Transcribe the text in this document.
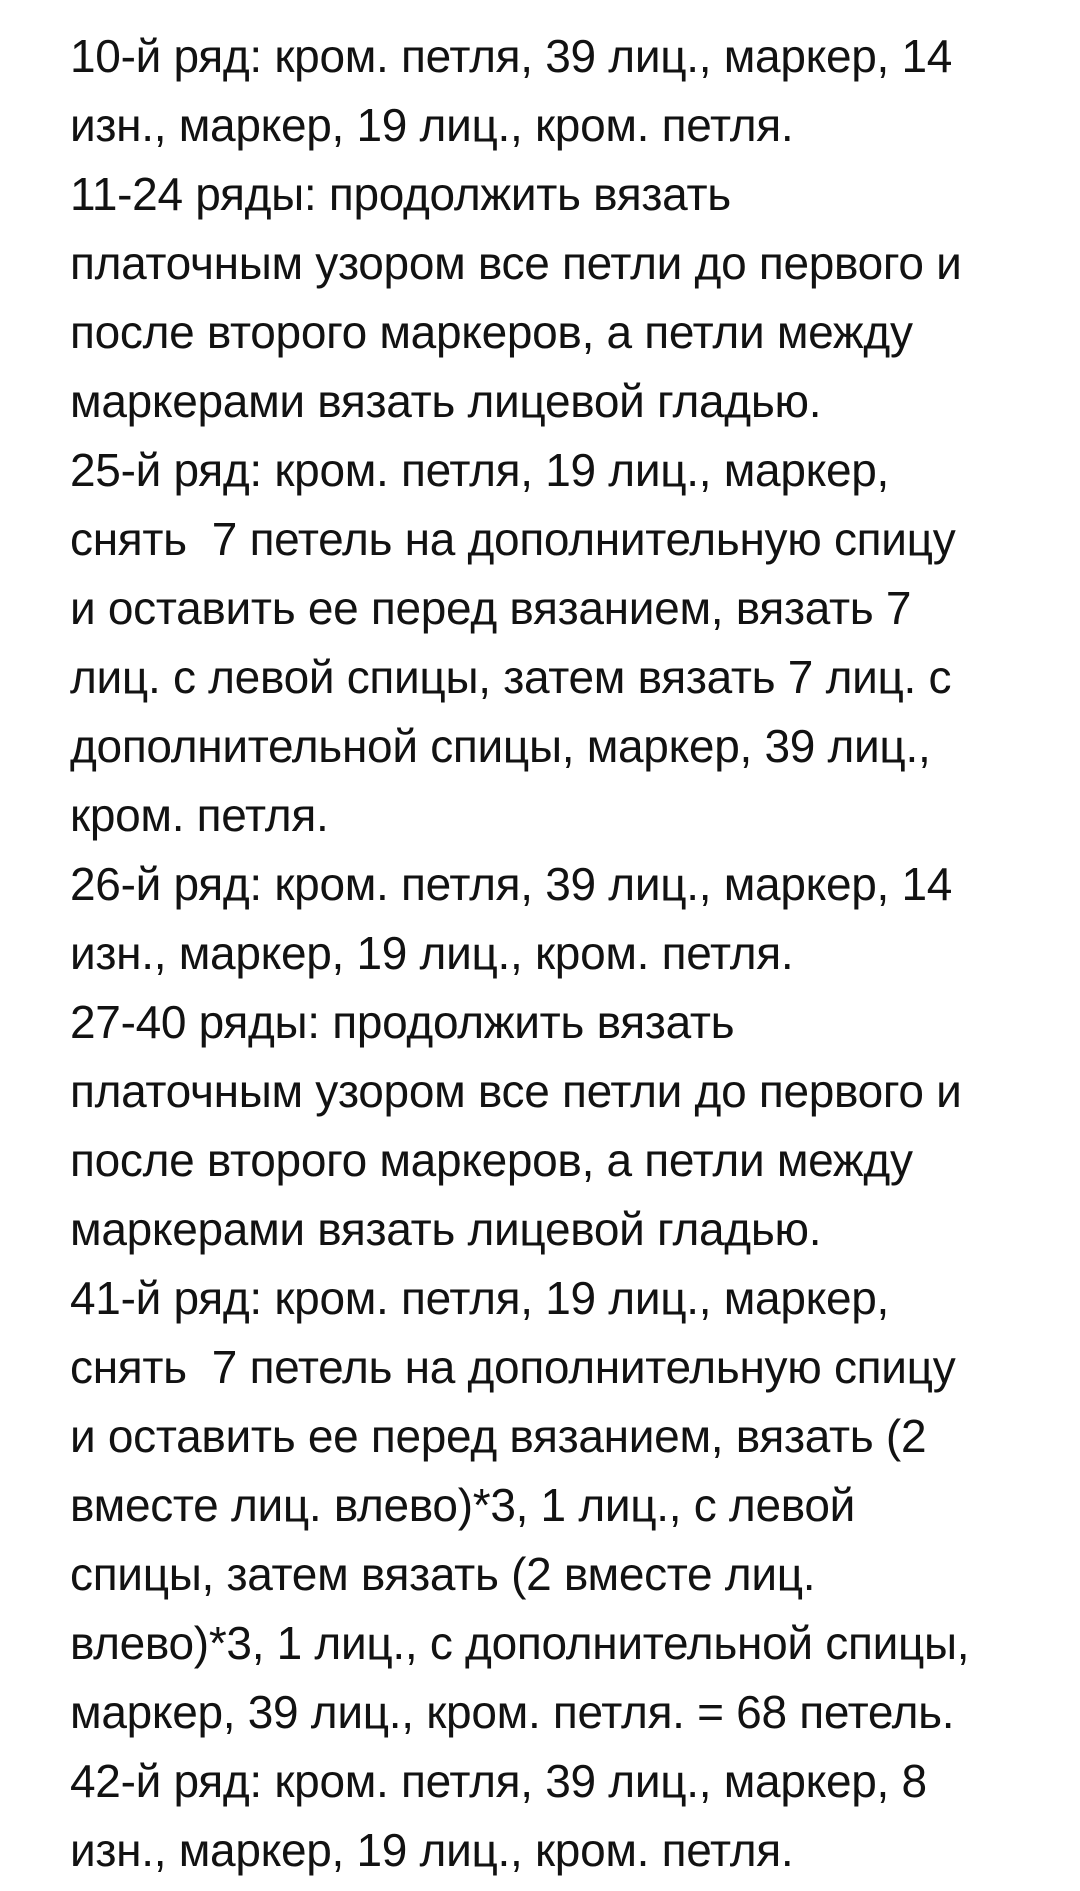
10-й ряд: кром. петля, 39 лиц., маркер, 14
изн., маркер, 19 лиц., кром. петля.
11-24 ряды: продолжить вязать
платочным узором все петли до первого и
после второго маркеров, а петли между
маркерами вязать лицевой гладью.
25-й ряд: кром. петля, 19 лиц., маркер,
снять  7 петель на дополнительную спицу
и оставить ее перед вязанием, вязать 7
лиц. с левой спицы, затем вязать 7 лиц. с
дополнительной спицы, маркер, 39 лиц.,
кром. петля.
26-й ряд: кром. петля, 39 лиц., маркер, 14
изн., маркер, 19 лиц., кром. петля.
27-40 ряды: продолжить вязать
платочным узором все петли до первого и
после второго маркеров, а петли между
маркерами вязать лицевой гладью.
41-й ряд: кром. петля, 19 лиц., маркер,
снять  7 петель на дополнительную спицу
и оставить ее перед вязанием, вязать (2
вместе лиц. влево)*3, 1 лиц., с левой
спицы, затем вязать (2 вместе лиц.
влево)*3, 1 лиц., с дополнительной спицы,
маркер, 39 лиц., кром. петля. = 68 петель.
42-й ряд: кром. петля, 39 лиц., маркер, 8
изн., маркер, 19 лиц., кром. петля.
